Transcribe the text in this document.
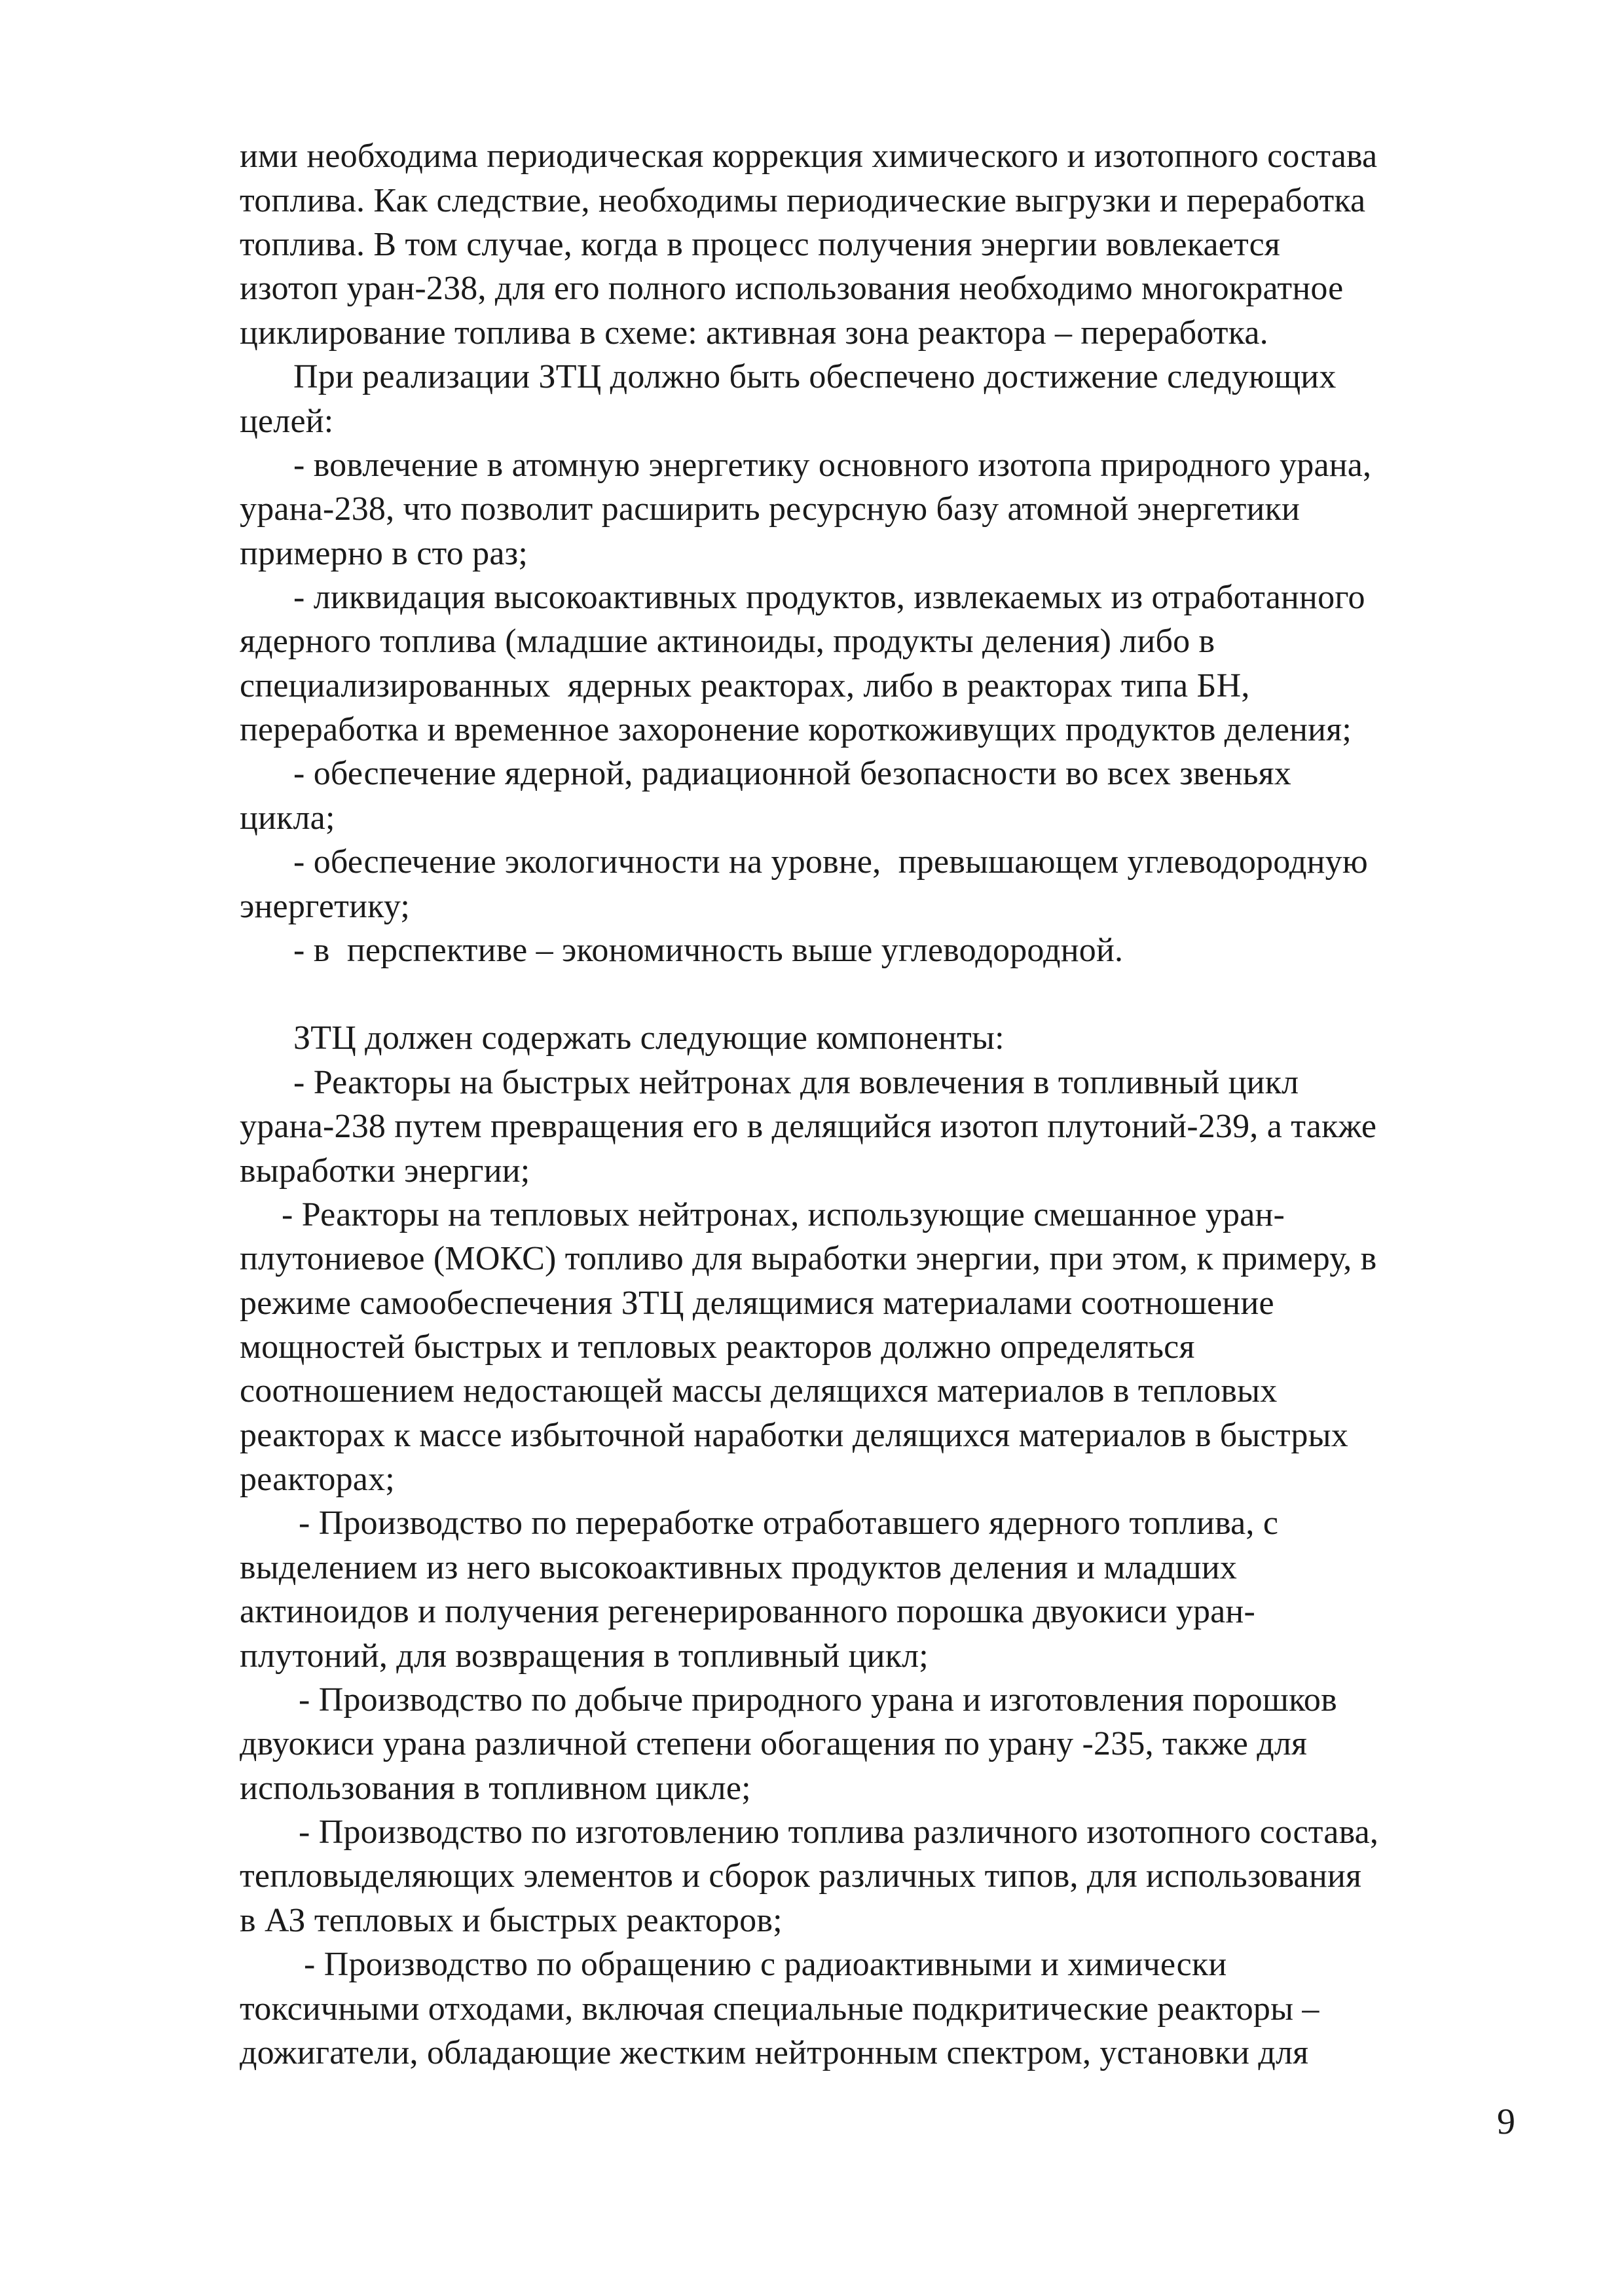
ими необходима периодическая коррекция химического и изотопного состава
топлива. Как следствие, необходимы периодические выгрузки и переработка
топлива. В том случае, когда в процесс получения энергии вовлекается
изотоп уран-238, для его полного использования необходимо многократное
циклирование топлива в схеме: активная зона реактора – переработка.
При реализации ЗТЦ должно быть обеспечено достижение следующих
целей:
- вовлечение в атомную энергетику основного изотопа природного урана,
урана-238, что позволит расширить ресурсную базу атомной энергетики
примерно в сто раз;
- ликвидация высокоактивных продуктов, извлекаемых из отработанного
ядерного топлива (младшие актиноиды, продукты деления) либо в
специализированных  ядерных реакторах, либо в реакторах типа БН,
переработка и временное захоронение короткоживущих продуктов деления;
- обеспечение ядерной, радиационной безопасности во всех звеньях
цикла;
- обеспечение экологичности на уровне,  превышающем углеводородную
энергетику;
- в  перспективе – экономичность выше углеводородной.
ЗТЦ должен содержать следующие компоненты:
- Реакторы на быстрых нейтронах для вовлечения в топливный цикл
урана-238 путем превращения его в делящийся изотоп плутоний-239, а также
выработки энергии;
- Реакторы на тепловых нейтронах, использующие смешанное уран-
плутониевое (МОКС) топливо для выработки энергии, при этом, к примеру, в
режиме самообеспечения ЗТЦ делящимися материалами соотношение
мощностей быстрых и тепловых реакторов должно определяться
соотношением недостающей массы делящихся материалов в тепловых
реакторах к массе избыточной наработки делящихся материалов в быстрых
реакторах;
- Производство по переработке отработавшего ядерного топлива, с
выделением из него высокоактивных продуктов деления и младших
актиноидов и получения регенерированного порошка двуокиси уран-
плутоний, для возвращения в топливный цикл;
- Производство по добыче природного урана и изготовления порошков
двуокиси урана различной степени обогащения по урану -235, также для
использования в топливном цикле;
- Производство по изготовлению топлива различного изотопного состава,
тепловыделяющих элементов и сборок различных типов, для использования
в АЗ тепловых и быстрых реакторов;
- Производство по обращению с радиоактивными и химически
токсичными отходами, включая специальные подкритические реакторы –
дожигатели, обладающие жестким нейтронным спектром, установки для
9
